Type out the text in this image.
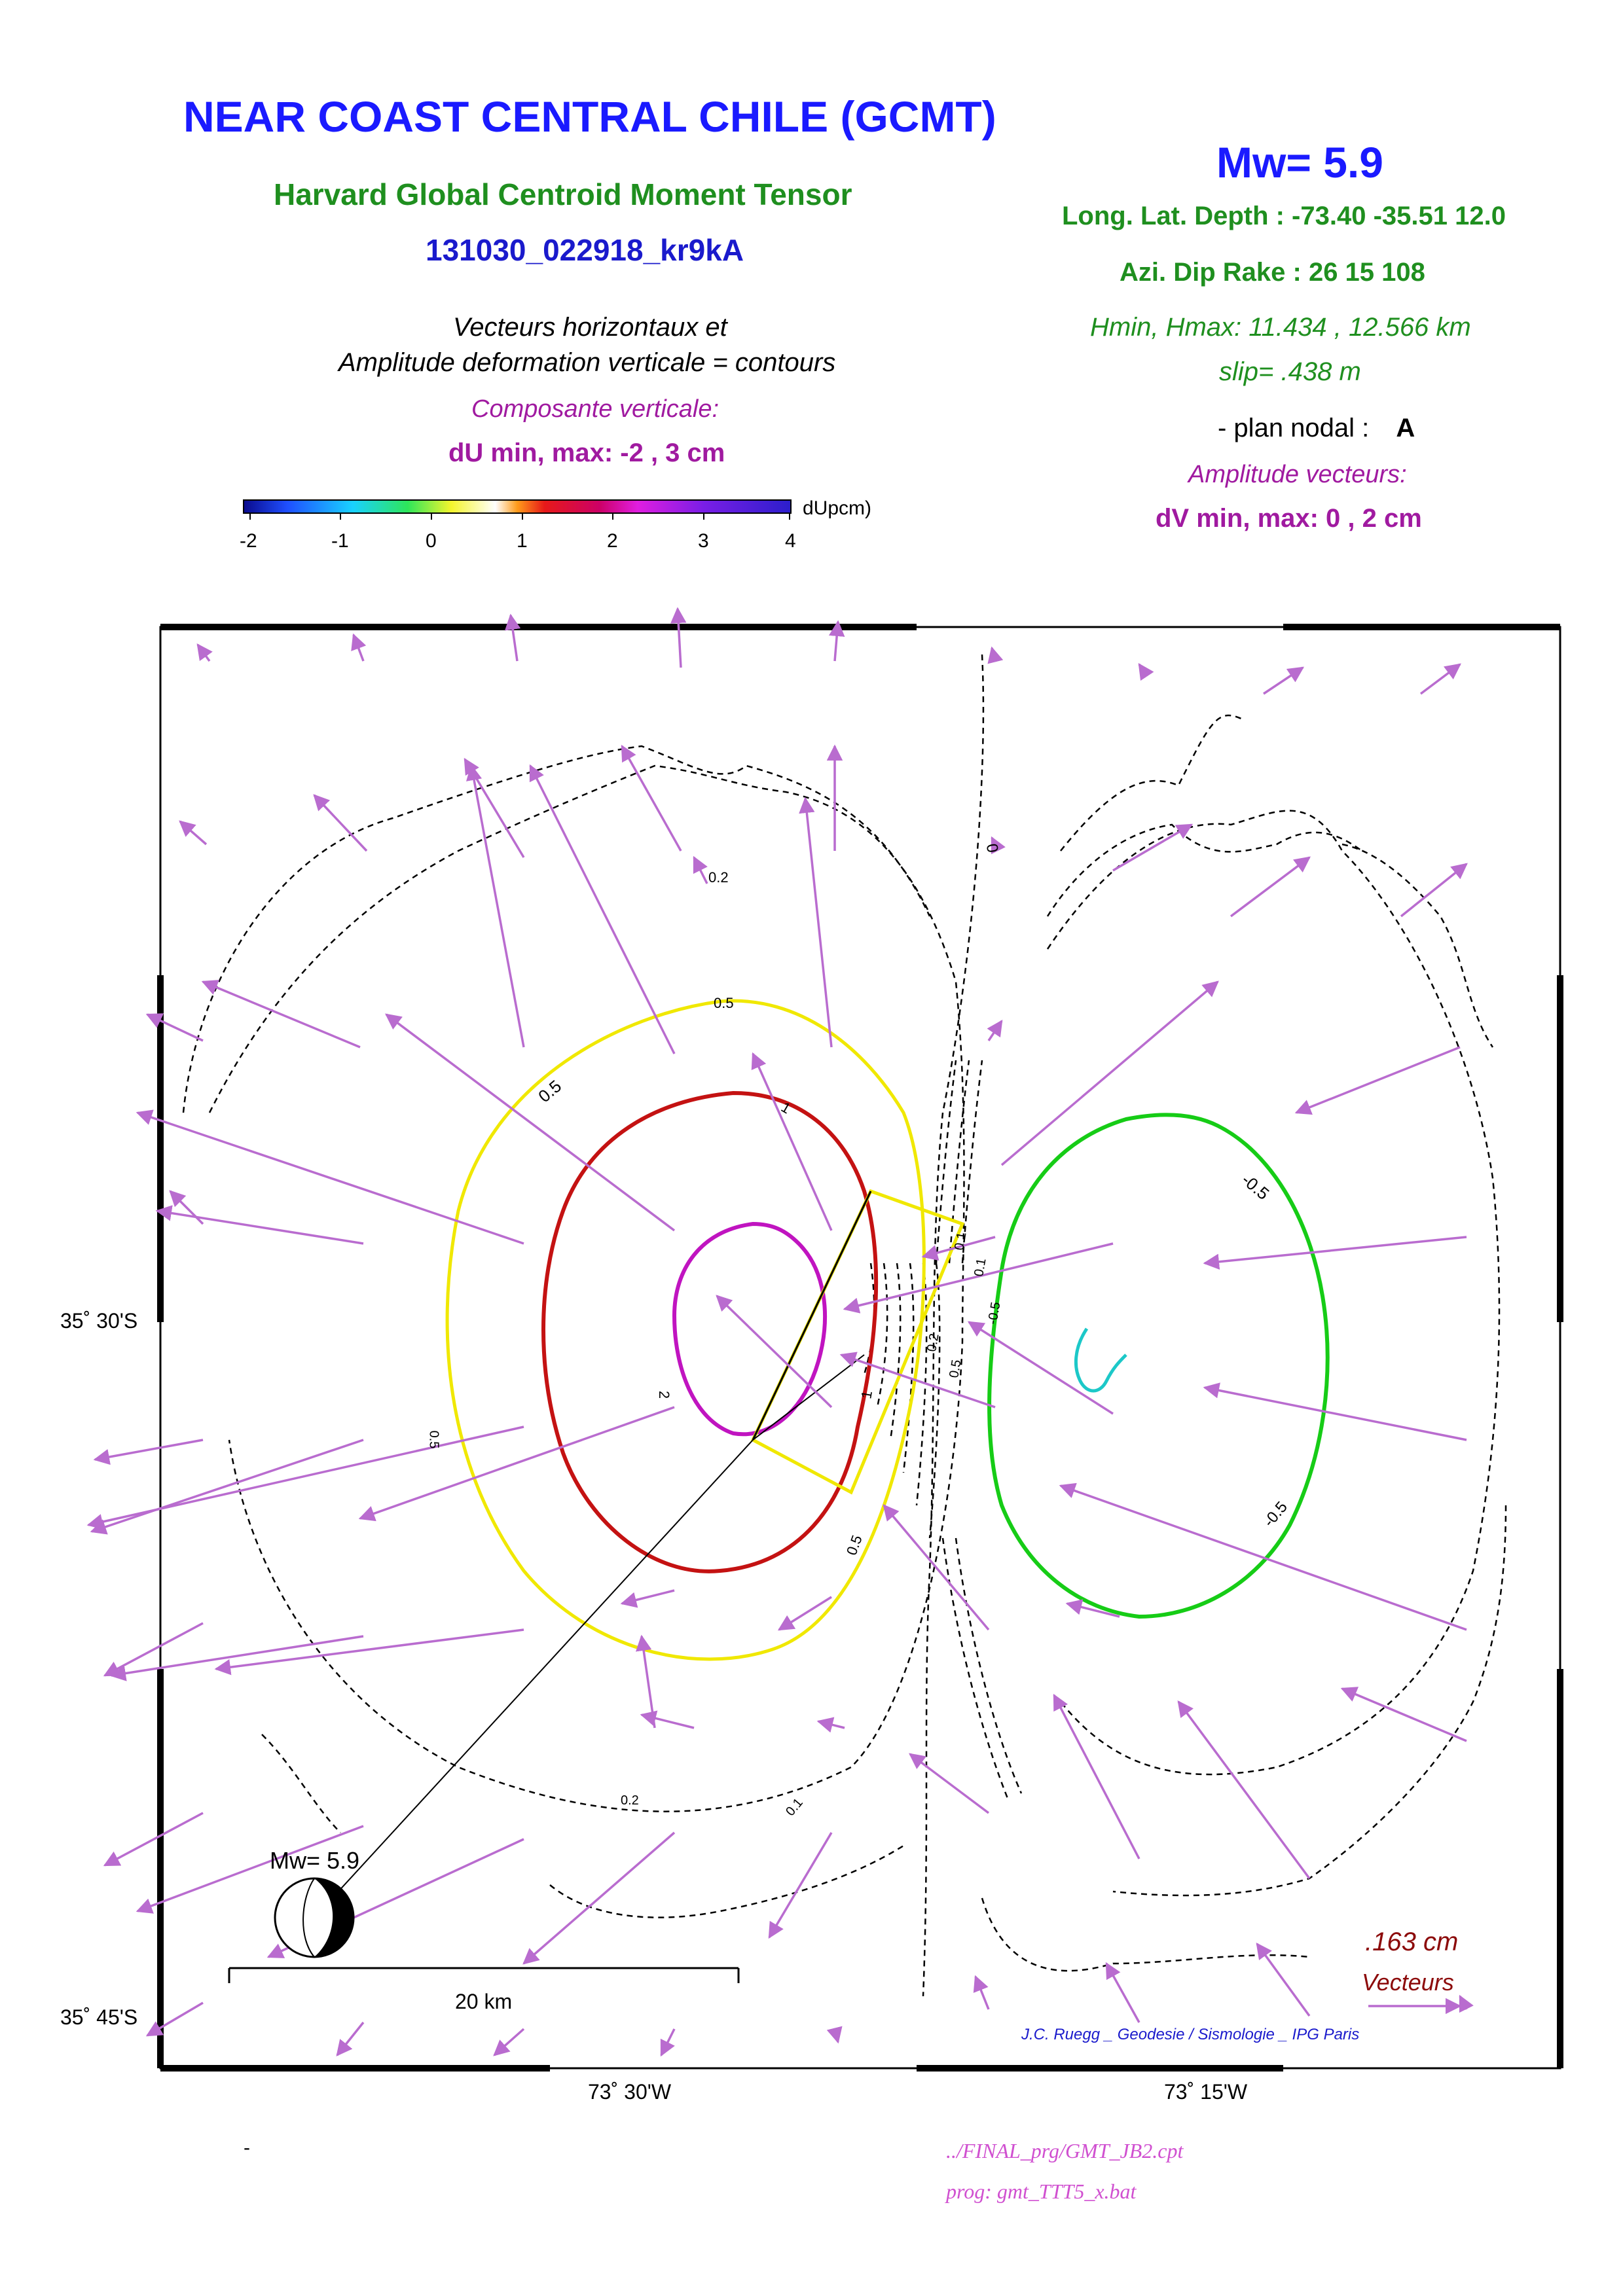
NEAR COAST CENTRAL CHILE (GCMT)
Harvard Global Centroid Moment Tensor
131030_022918_kr9kA
Vecteurs horizontaux et
Amplitude deformation verticale = contours
Composante verticale:
dU min, max: -2 , 3 cm
Mw= 5.9
Long. Lat. Depth : -73.40 -35.51 12.0
Azi. Dip Rake : 26 15 108
Hmin, Hmax: 11.434 , 12.566 km
slip= .438 m
- plan nodal : A
Amplitude vecteurs:
dV min, max: 0 , 2 cm
-2	-1	0	1	2	3	4
dUpcm)
0
0.2
0.5
0.5
1
-0.5
0.1
0.1
-0.5
0.2
0.5
2	1
0.5
0.5
-0.5
0.2	0.1
35˚ 30'S
35˚ 45'S
73˚ 30'W	73˚ 15'W
20 km
Mw= 5.9
.163 cm
Vecteurs
J.C. Ruegg _ Geodesie / Sismologie _ IPG Paris
-	../FINAL_prg/GMT_JB2.cpt
prog: gmt_TTT5_x.bat
